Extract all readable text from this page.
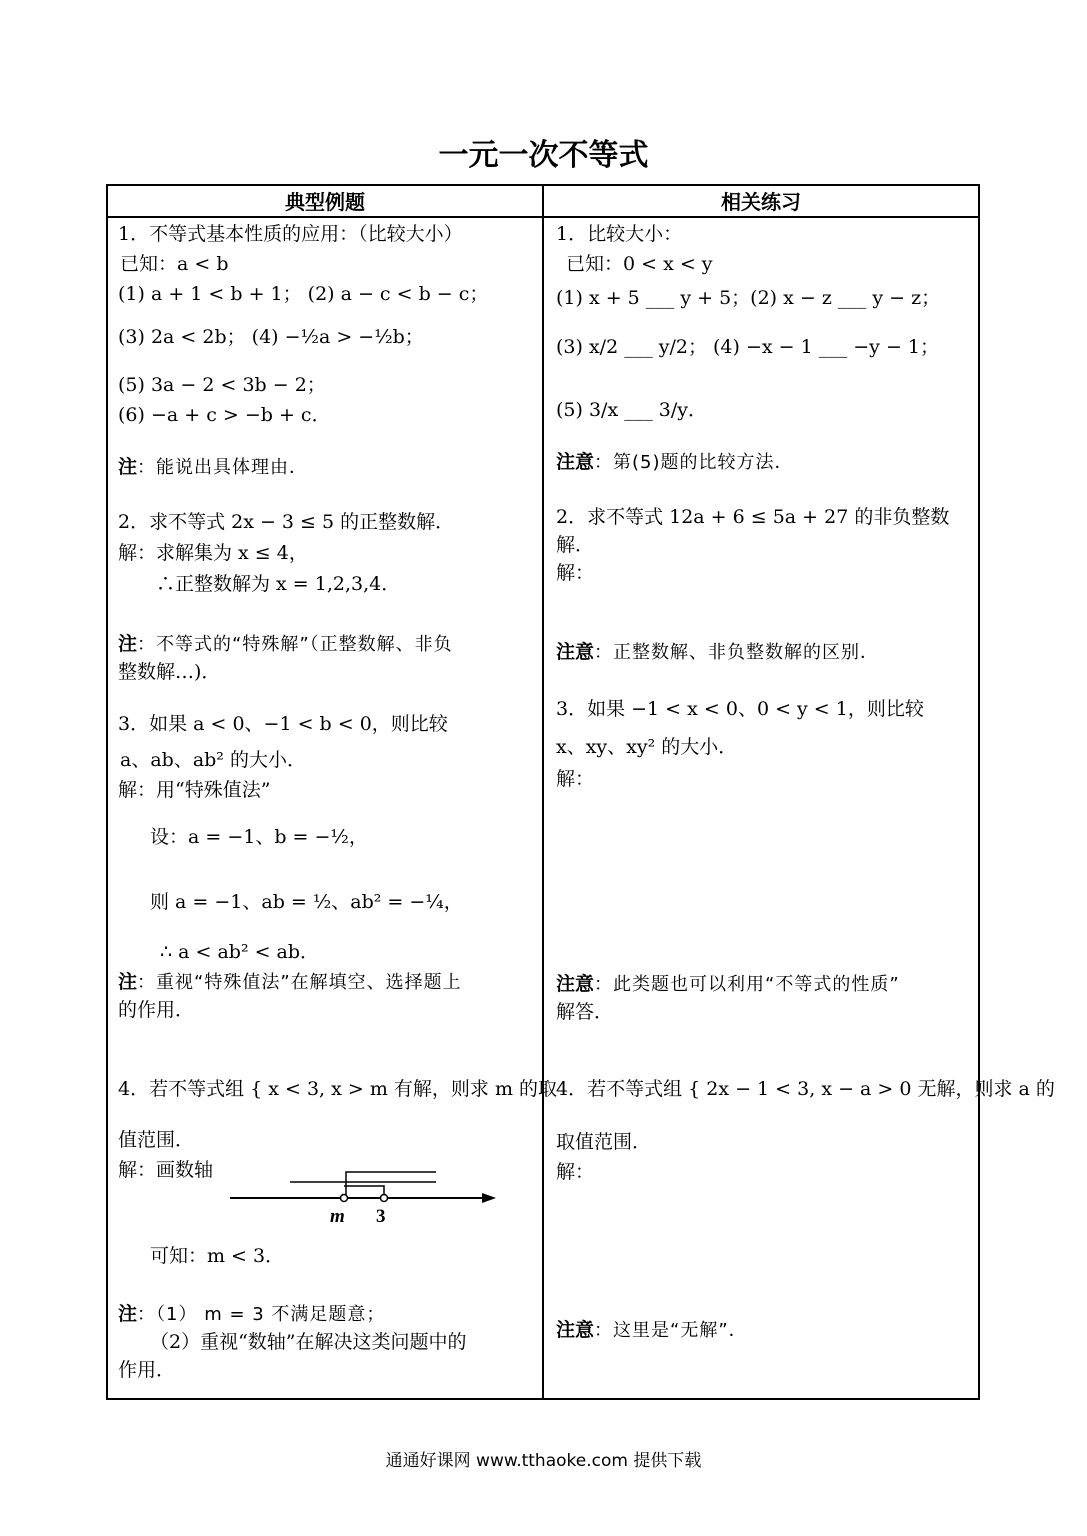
一元一次不等式
典型例题	相关练习
1．不等式基本性质的应用：（比较大小）
已知：a < b
(1) a + 1 < b + 1； (2) a − c < b − c；
(3) 2a < 2b； (4) −½a > −½b；
(5) 3a − 2 < 3b − 2；
(6) −a + c > −b + c．
注：能说出具体理由．
2．求不等式 2x − 3 ≤ 5 的正整数解．
解：求解集为 x ≤ 4，
∴正整数解为 x = 1,2,3,4．
注：不等式的“特殊解”（正整数解、非负
整数解…)．
3．如果 a < 0、−1 < b < 0，则比较
a、ab、ab² 的大小．
解：用“特殊值法”
设：a = −1、b = −½，
则 a = −1、ab = ½、ab² = −¼，
∴ a < ab² < ab．
注：重视“特殊值法”在解填空、选择题上
的作用．
4．若不等式组 { x < 3, x > m 有解，则求 m 的取
值范围．
解：画数轴
可知：m < 3．
注：（1） m = 3 不满足题意；
（2）重视“数轴”在解决这类问题中的
作用．
1．比较大小：
已知：0 < x < y
(1) x + 5 ___ y + 5；(2) x − z ___ y − z；
(3) x/2 ___ y/2； (4) −x − 1 ___ −y − 1；
(5) 3/x ___ 3/y．
注意：第(5)题的比较方法．
2．求不等式 12a + 6 ≤ 5a + 27 的非负整数
解．
解：
注意：正整数解、非负整数解的区别．
3．如果 −1 < x < 0、0 < y < 1，则比较
x、xy、xy² 的大小．
解：
注意：此类题也可以利用“不等式的性质”
解答．
4．若不等式组 { 2x − 1 < 3, x − a > 0 无解，则求 a 的
取值范围．
解：
注意：这里是“无解”．
m 3
通通好课网 www.tthaoke.com 提供下载
